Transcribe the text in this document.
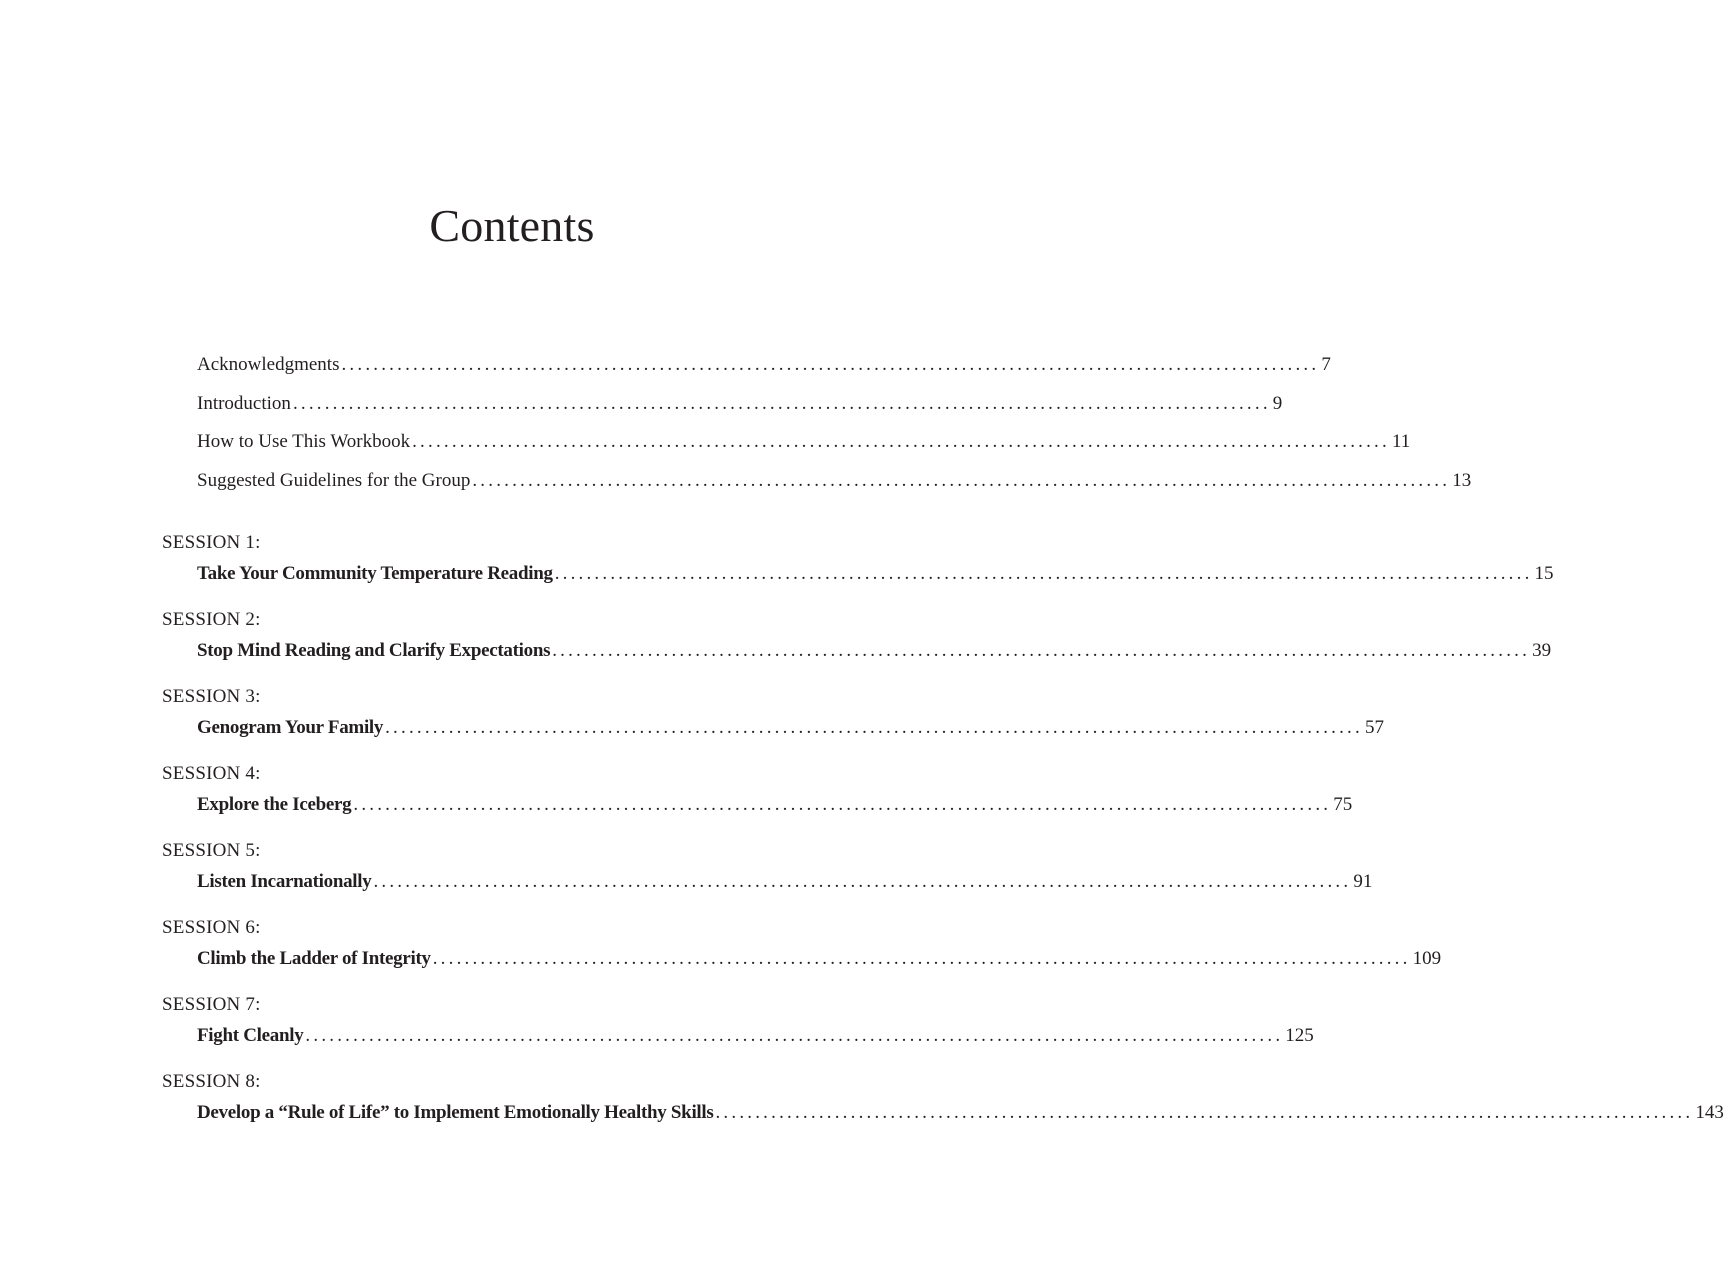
Contents
Acknowledgments ........................................................................................................................... 7
Introduction ........................................................................................................................... 9
How to Use This Workbook ........................................................................................................................... 11
Suggested Guidelines for the Group ........................................................................................................................... 13
SESSION 1:
Take Your Community Temperature Reading ........................................................................................................................... 15
SESSION 2:
Stop Mind Reading and Clarify Expectations ........................................................................................................................... 39
SESSION 3:
Genogram Your Family ........................................................................................................................... 57
SESSION 4:
Explore the Iceberg ........................................................................................................................... 75
SESSION 5:
Listen Incarnationally ........................................................................................................................... 91
SESSION 6:
Climb the Ladder of Integrity ........................................................................................................................... 109
SESSION 7:
Fight Cleanly ........................................................................................................................... 125
SESSION 8:
Develop a “Rule of Life” to Implement Emotionally Healthy Skills ........................................................................................................................... 143
